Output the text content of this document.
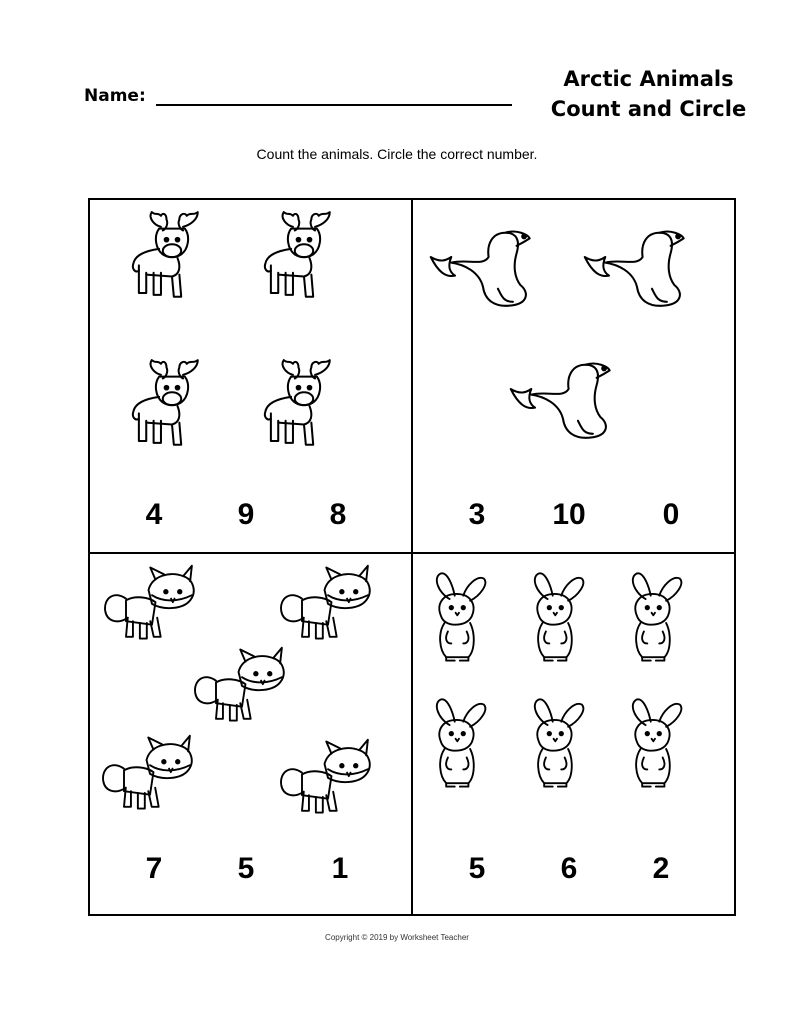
Name:
Arctic Animals
Count and Circle
Count the animals. Circle the correct number.
4	9	8	3	10	0
7	5	1	5	6	2
Copyright © 2019 by Worksheet Teacher
